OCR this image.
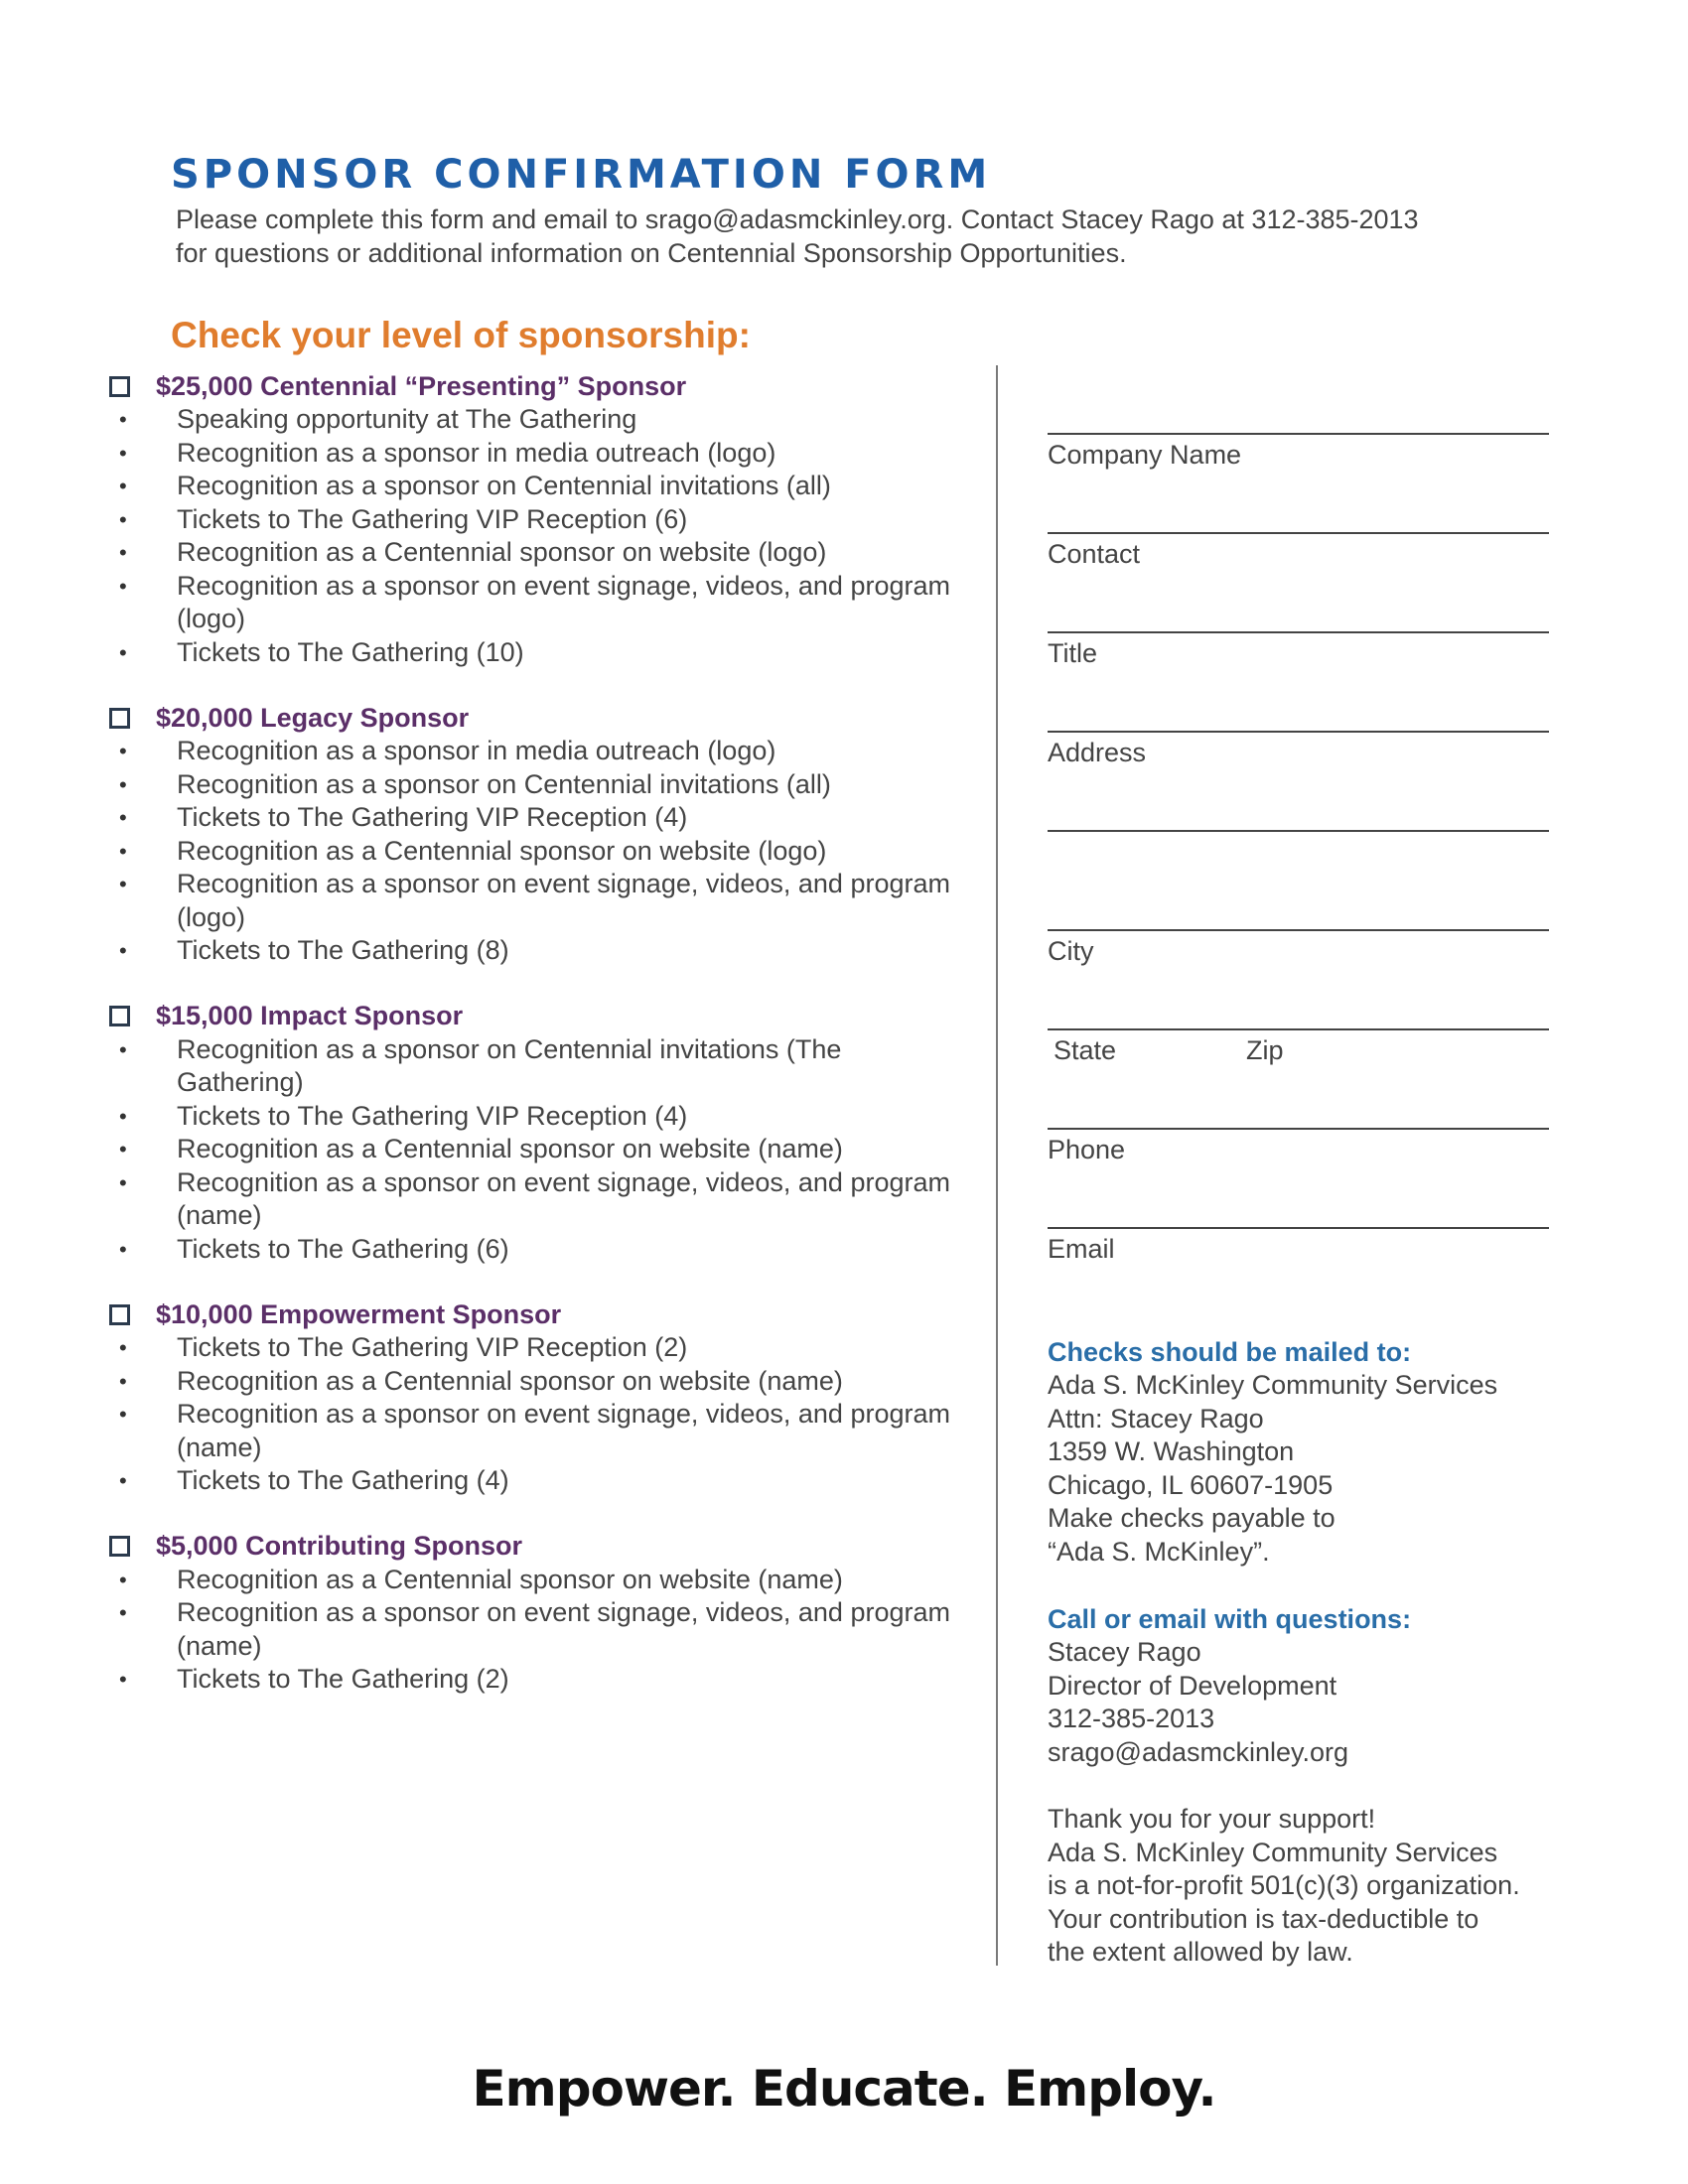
SPONSOR CONFIRMATION FORM
Please complete this form and email to srago@adasmckinley.org. Contact Stacey Rago at 312-385-2013
for questions or additional information on Centennial Sponsorship Opportunities.
Check your level of sponsorship:
$25,000 Centennial “Presenting” Sponsor
• Speaking opportunity at The Gathering
• Recognition as a sponsor in media outreach (logo)
• Recognition as a sponsor on Centennial invitations (all)
• Tickets to The Gathering VIP Reception (6)
• Recognition as a Centennial sponsor on website (logo)
• Recognition as a sponsor on event signage, videos, and program (logo)
• Tickets to The Gathering (10)
$20,000 Legacy Sponsor
• Recognition as a sponsor in media outreach (logo)
• Recognition as a sponsor on Centennial invitations (all)
• Tickets to The Gathering VIP Reception (4)
• Recognition as a Centennial sponsor on website (logo)
• Recognition as a sponsor on event signage, videos, and program (logo)
• Tickets to The Gathering (8)
$15,000 Impact Sponsor
• Recognition as a sponsor on Centennial invitations (The Gathering)
• Tickets to The Gathering VIP Reception (4)
• Recognition as a Centennial sponsor on website (name)
• Recognition as a sponsor on event signage, videos, and program (name)
• Tickets to The Gathering (6)
$10,000 Empowerment Sponsor
• Tickets to The Gathering VIP Reception (2)
• Recognition as a Centennial sponsor on website (name)
• Recognition as a sponsor on event signage, videos, and program (name)
• Tickets to The Gathering (4)
$5,000 Contributing Sponsor
• Recognition as a Centennial sponsor on website (name)
• Recognition as a sponsor on event signage, videos, and program (name)
• Tickets to The Gathering (2)
Company Name
Contact
Title
Address
City
State	Zip
Phone
Email
Checks should be mailed to:
Ada S. McKinley Community Services
Attn: Stacey Rago
1359 W. Washington
Chicago, IL 60607-1905
Make checks payable to
“Ada S. McKinley”.
Call or email with questions:
Stacey Rago
Director of Development
312-385-2013
srago@adasmckinley.org
Thank you for your support!
Ada S. McKinley Community Services
is a not-for-profit 501(c)(3) organization.
Your contribution is tax-deductible to
the extent allowed by law.
Empower. Educate. Employ.
